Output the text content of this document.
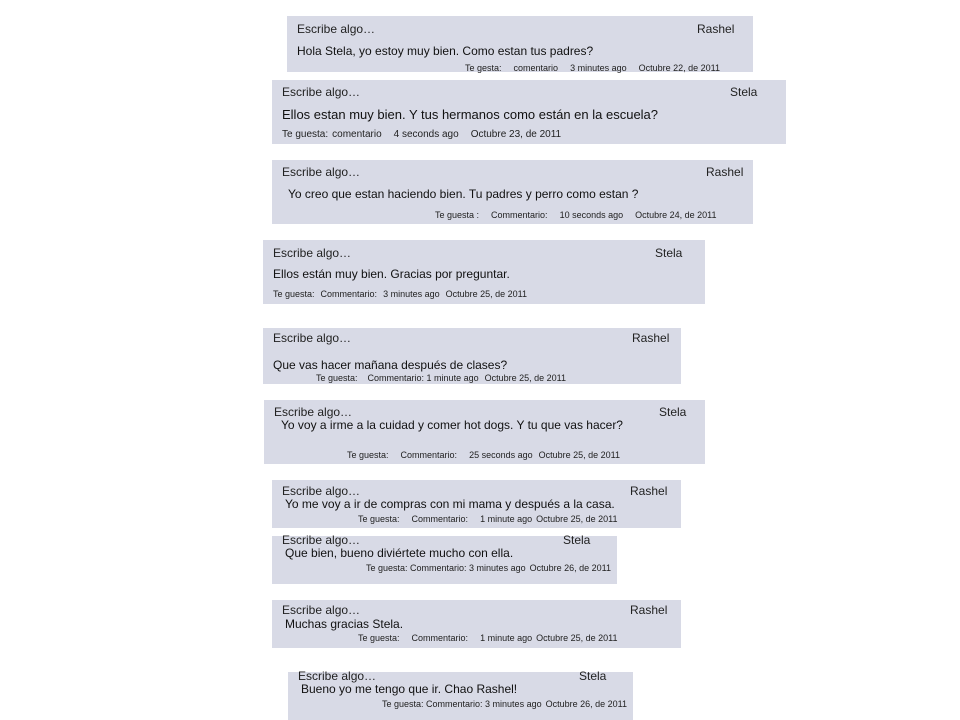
Escribe algo…	Rashel
Hola Stela, yo estoy muy bien. Como estan tus padres?
Te gesta: comentario 3 minutes ago Octubre 22, de 2011
Escribe algo…	Stela
Ellos estan muy bien. Y tus hermanos como están en la escuela?
Te guesta: comentario 4 seconds ago Octubre 23, de 2011
Escribe algo…	Rashel
Yo creo que estan haciendo bien. Tu padres y perro como estan ?
Te guesta : Commentario: 10 seconds ago Octubre 24, de 2011
Escribe algo…	Stela
Ellos están muy bien. Gracias por preguntar.
Te guesta: Commentario: 3 minutes ago Octubre 25, de 2011
Escribe algo…	Rashel
Que vas hacer mañana después de clases?
Te guesta: Commentario: 1 minute ago Octubre 25, de 2011
Escribe algo…	Stela
Yo voy a irme a la cuidad y comer hot dogs. Y tu que vas hacer?
Te guesta: Commentario: 25 seconds ago Octubre 25, de 2011
Escribe algo…	Rashel
Yo me voy a ir de compras con mi mama y después a la casa.
Te guesta: Commentario: 1 minute ago Octubre 25, de 2011
Escribe algo…	Stela
Que bien, bueno diviértete mucho con ella.
Te guesta: Commentario: 3 minutes ago Octubre 26, de 2011
Escribe algo…	Rashel
Muchas gracias Stela.
Te guesta: Commentario: 1 minute ago Octubre 25, de 2011
Escribe algo…	Stela
Bueno yo me tengo que ir. Chao Rashel!
Te guesta: Commentario: 3 minutes ago Octubre 26, de 2011
